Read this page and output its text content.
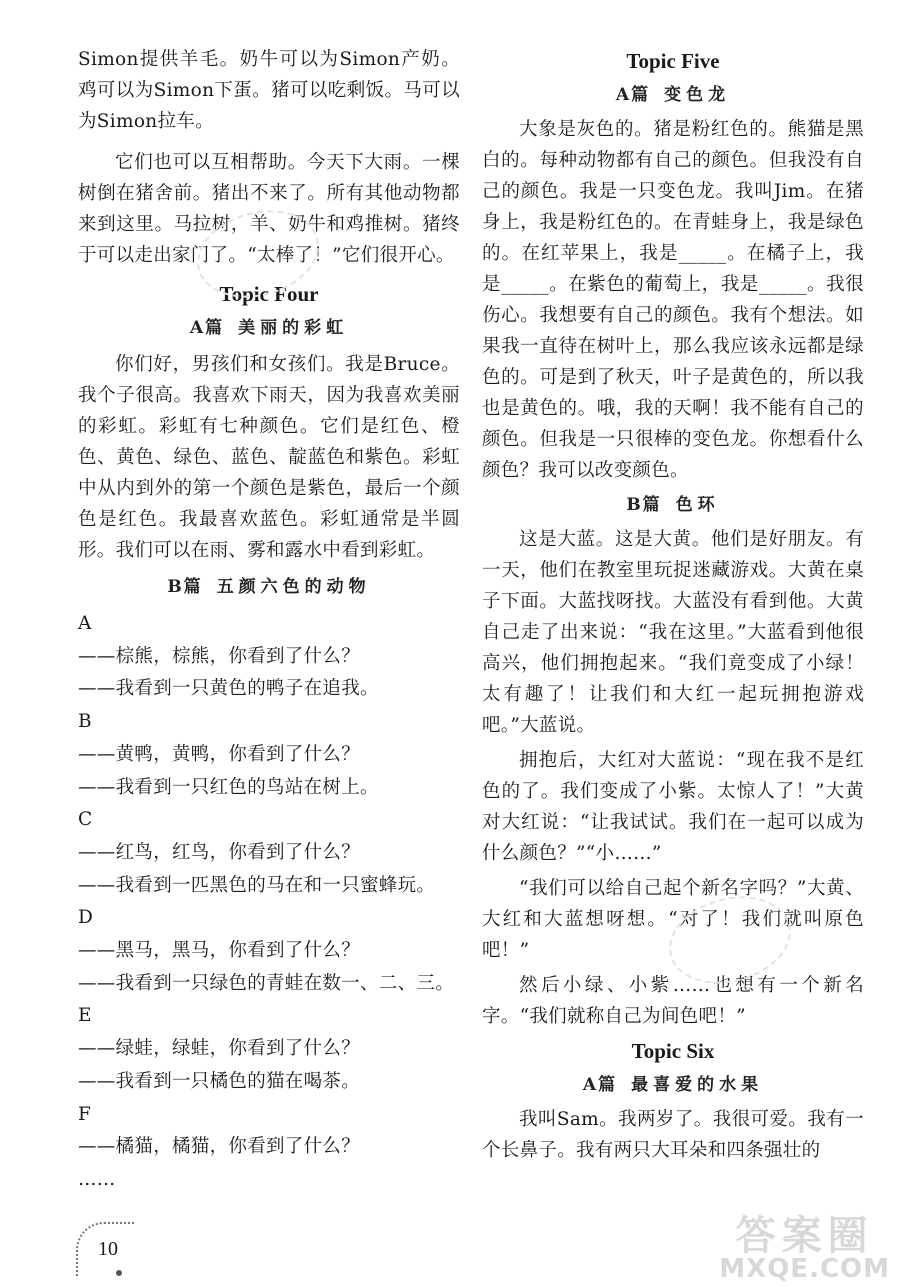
Simon提供羊毛。奶牛可以为Simon产奶。鸡可以为Simon下蛋。猪可以吃剩饭。马可以为Simon拉车。

它们也可以互相帮助。今天下大雨。一棵树倒在猪舍前。猪出不来了。所有其他动物都来到这里。马拉树，羊、奶牛和鸡推树。猪终于可以走出家门了。“太棒了！”它们很开心。

Topic Four
A篇 美丽的彩虹

你们好，男孩们和女孩们。我是Bruce。我个子很高。我喜欢下雨天，因为我喜欢美丽的彩虹。彩虹有七种颜色。它们是红色、橙色、黄色、绿色、蓝色、靛蓝色和紫色。彩虹中从内到外的第一个颜色是紫色，最后一个颜色是红色。我最喜欢蓝色。彩虹通常是半圆形。我们可以在雨、雾和露水中看到彩虹。

B篇 五颜六色的动物

A

——棕熊，棕熊，你看到了什么？

——我看到一只黄色的鸭子在追我。

B

——黄鸭，黄鸭，你看到了什么？

——我看到一只红色的鸟站在树上。

C

——红鸟，红鸟，你看到了什么？

——我看到一匹黑色的马在和一只蜜蜂玩。

D

——黑马，黑马，你看到了什么？

——我看到一只绿色的青蛙在数一、二、三。

E

——绿蛙，绿蛙，你看到了什么？

——我看到一只橘色的猫在喝茶。

F

——橘猫，橘猫，你看到了什么？

……

Topic Five
A篇 变色龙

大象是灰色的。猪是粉红色的。熊猫是黑白的。每种动物都有自己的颜色。但我没有自己的颜色。我是一只变色龙。我叫Jim。在猪身上，我是粉红色的。在青蛙身上，我是绿色的。在红苹果上，我是_____。在橘子上，我是_____。在紫色的葡萄上，我是_____。我很伤心。我想要有自己的颜色。我有个想法。如果我一直待在树叶上，那么我应该永远都是绿色的。可是到了秋天，叶子是黄色的，所以我也是黄色的。哦，我的天啊！我不能有自己的颜色。但我是一只很棒的变色龙。你想看什么颜色？我可以改变颜色。

B篇 色环

这是大蓝。这是大黄。他们是好朋友。有一天，他们在教室里玩捉迷藏游戏。大黄在桌子下面。大蓝找呀找。大蓝没有看到他。大黄自己走了出来说：“我在这里。”大蓝看到他很高兴，他们拥抱起来。“我们竟变成了小绿！太有趣了！让我们和大红一起玩拥抱游戏吧。”大蓝说。

拥抱后，大红对大蓝说：“现在我不是红色的了。我们变成了小紫。太惊人了！”大黄对大红说：“让我试试。我们在一起可以成为什么颜色？”“小……”

“我们可以给自己起个新名字吗？”大黄、大红和大蓝想呀想。“对了！我们就叫原色吧！”

然后小绿、小紫……也想有一个新名字。“我们就称自己为间色吧！”

Topic Six
A篇 最喜爱的水果

我叫Sam。我两岁了。我很可爱。我有一个长鼻子。我有两只大耳朵和四条强壮的

10	答案圈
MXQE.COM
